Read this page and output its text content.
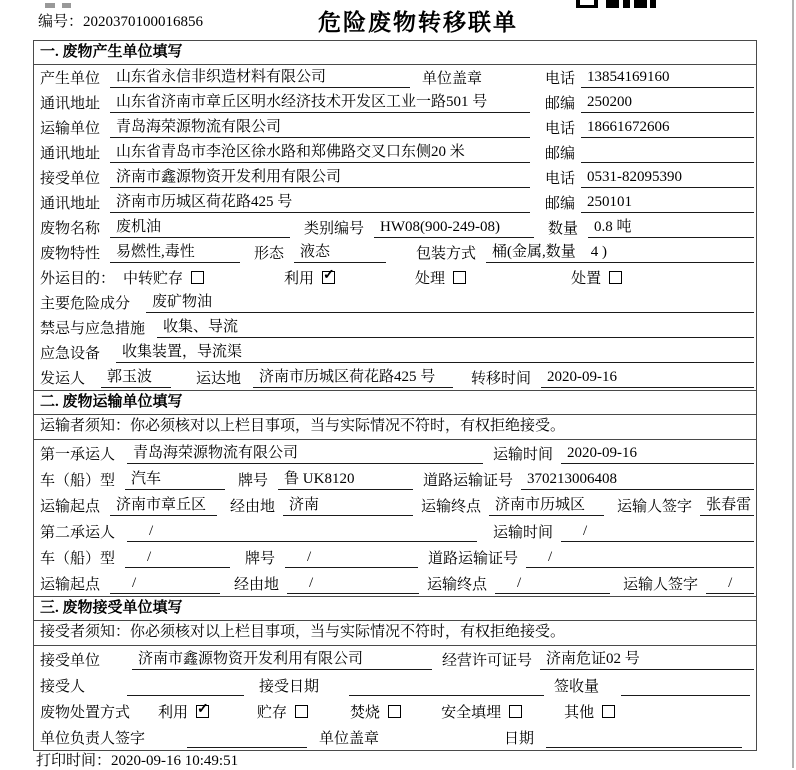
编号：2020370100016856	危险废物转移联单
一. 废物产生单位填写
产生单位	山东省永信非织造材料有限公司	单位盖章	电话 13854169160
通讯地址	山东省济南市章丘区明水经济技术开发区工业一路501 号	邮编 250200
运输单位	青岛海荣源物流有限公司	电话 18661672606
通讯地址	山东省青岛市李沧区徐水路和郑佛路交叉口东侧20 米	邮编
接受单位	济南市鑫源物资开发利用有限公司	电话 0531-82095390
通讯地址	济南市历城区荷花路425 号	邮编 250101
废物名称	废机油	类别编号	HW08(900-249-08)	数量	0.8 吨
废物特性	易燃性,毒性	形态	液态	包装方式	桶(金属,数量　4 )
外运目的： 中转贮存	利用 ✓	处理	处置
主要危险成分	废矿物油
禁忌与应急措施	收集、导流
应急设备	收集装置，导流渠
发运人	郭玉波	运达地	济南市历城区荷花路425 号	转移时间	2020-09-16
二. 废物运输单位填写
运输者须知：你必须核对以上栏目事项，当与实际情况不符时，有权拒绝接受。
第一承运人	青岛海荣源物流有限公司	运输时间 2020-09-16
车（船）型	汽车	牌号	鲁 UK8120	道路运输证号 370213006408
运输起点	济南市章丘区	经由地 济南	运输终点 济南市历城区	运输人签字 张春雷
第二承运人	/	运输时间	/
车（船）型	/	牌号	/	道路运输证号	/
运输起点	/	经由地	/	运输终点	/	运输人签字	/
三. 废物接受单位填写
接受者须知：你必须核对以上栏目事项，当与实际情况不符时，有权拒绝接受。
接受单位	济南市鑫源物资开发利用有限公司	经营许可证号 济南危证02 号
接受人	接受日期	签收量
废物处置方式 利用 ✓	贮存	焚烧	安全填埋	其他
单位负责人签字	单位盖章	日期
打印时间：2020-09-16 10:49:51
